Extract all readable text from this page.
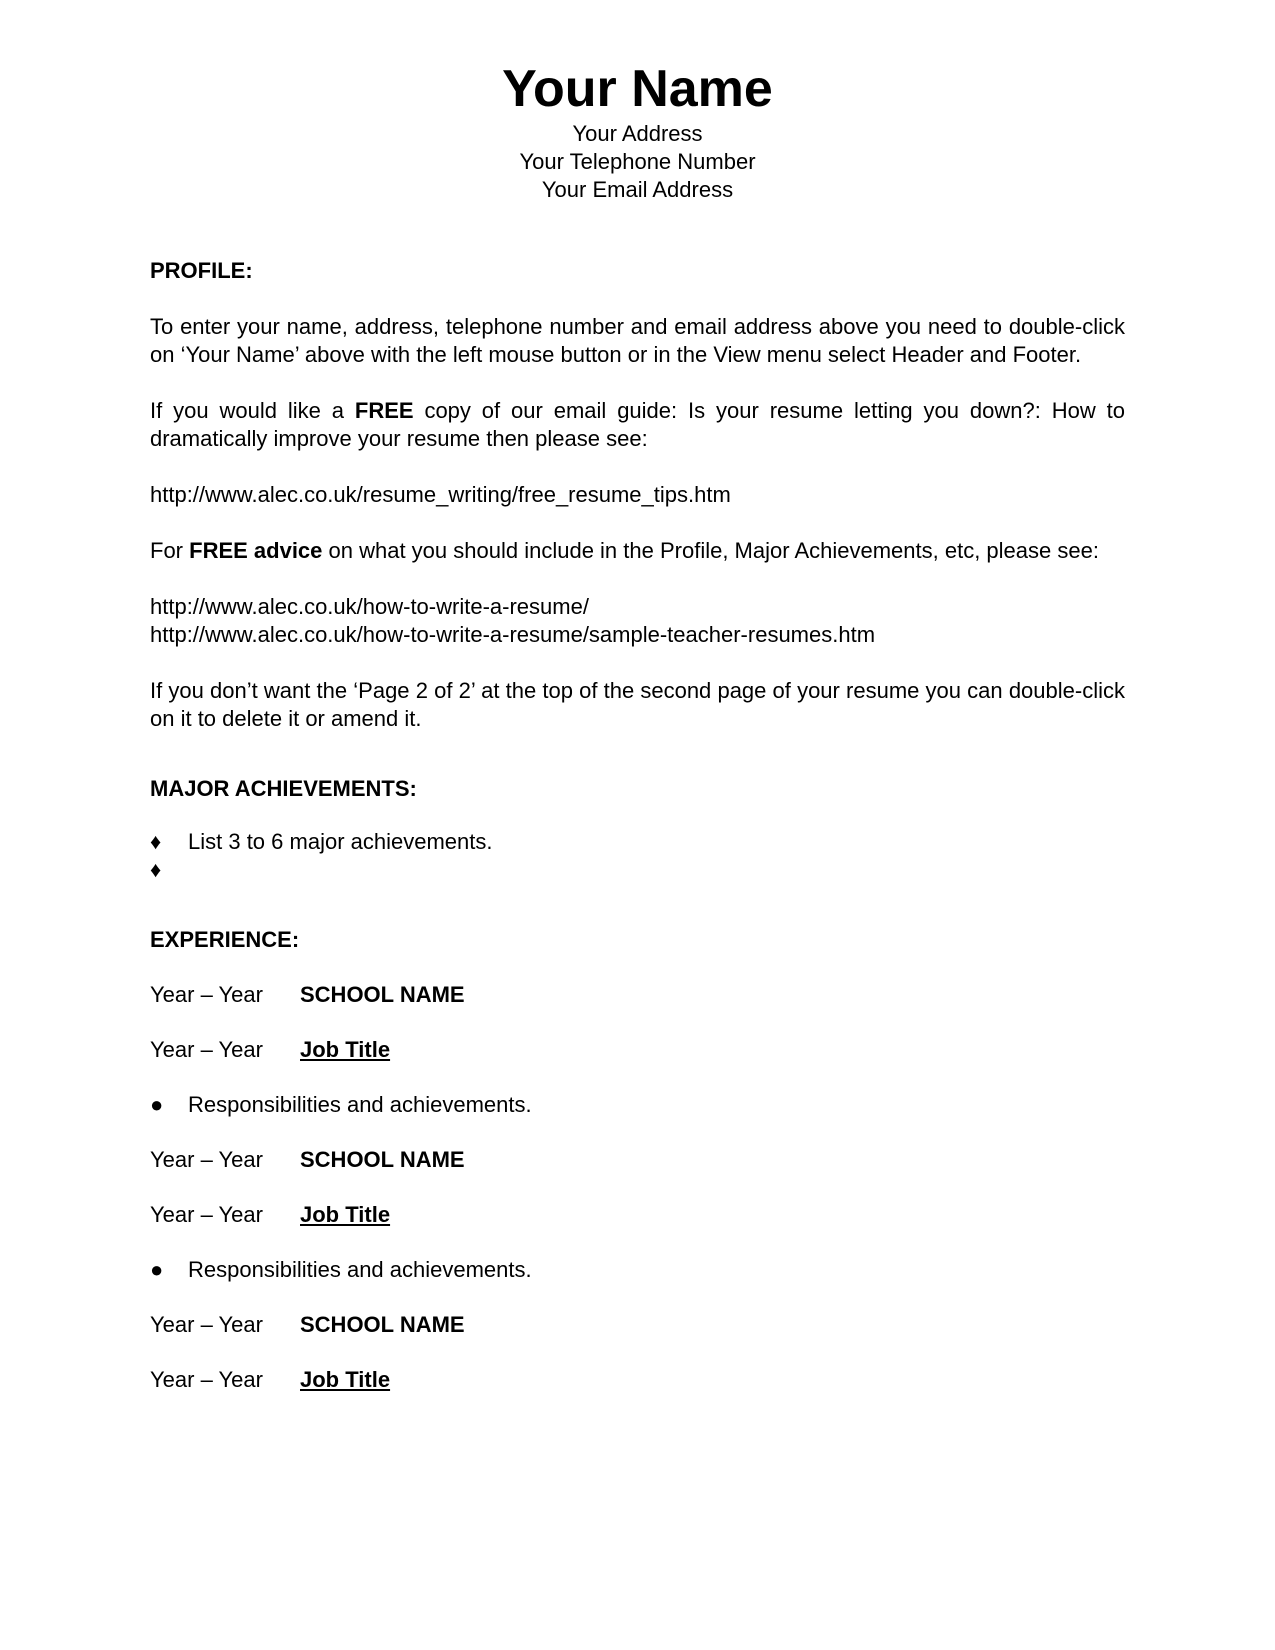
Your Name
Your Address
Your Telephone Number
Your Email Address
PROFILE:

To enter your name, address, telephone number and email address above you need to double-click on ‘Your Name’ above with the left mouse button or in the View menu select Header and Footer.

If you would like a FREE copy of our email guide: Is your resume letting you down?: How to dramatically improve your resume then please see:

http://www.alec.co.uk/resume_writing/free_resume_tips.htm

For FREE advice on what you should include in the Profile, Major Achievements, etc, please see:

http://www.alec.co.uk/how-to-write-a-resume/
http://www.alec.co.uk/how-to-write-a-resume/sample-teacher-resumes.htm

If you don’t want the ‘Page 2 of 2’ at the top of the second page of your resume you can double-click on it to delete it or amend it.

MAJOR ACHIEVEMENTS:
♦	List 3 to 6 major achievements.
♦
EXPERIENCE:
Year – Year	SCHOOL NAME
Year – Year	Job Title
●	Responsibilities and achievements.
Year – Year	SCHOOL NAME
Year – Year	Job Title
●	Responsibilities and achievements.
Year – Year	SCHOOL NAME
Year – Year	Job Title
